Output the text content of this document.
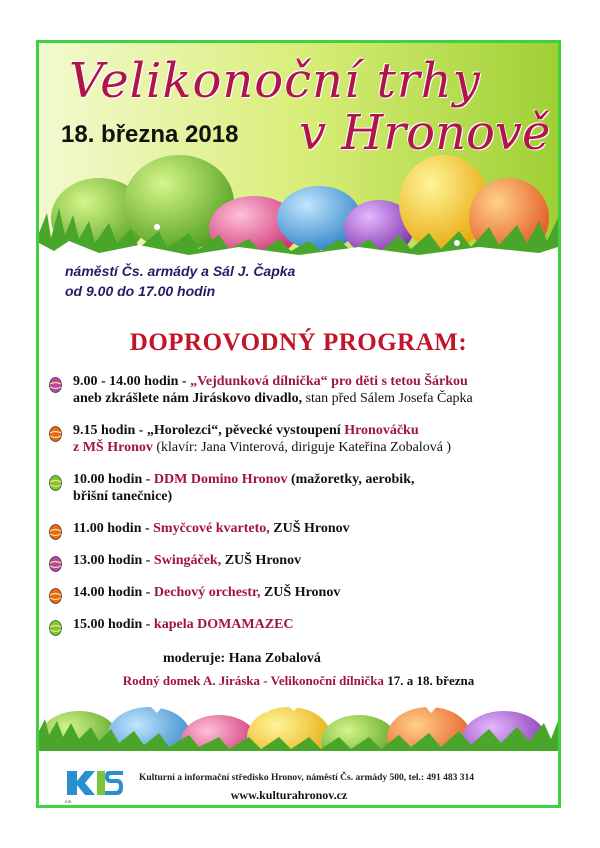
Velikonoční trhy
18. března 2018 v Hronově
náměstí Čs. armády a Sál J. Čapka
od 9.00 do 17.00 hodin
DOPROVODNÝ PROGRAM:
9.00 - 14.00 hodin - „Vejdunková dílnička“ pro děti s tetou Šárkou
aneb zkrášlete nám Jiráskovo divadlo, stan před Sálem Josefa Čapka
9.15 hodin - „Horolezci“, pěvecké vystoupení Hronováčku
z MŠ Hronov (klavír: Jana Vinterová, diriguje Kateřina Zobalová )
10.00 hodin - DDM Domino Hronov (mažoretky, aerobik,
břišní tanečnice)
11.00 hodin - Smyčcové kvarteto, ZUŠ Hronov
13.00 hodin - Swingáček, ZUŠ Hronov
14.00 hodin - Dechový orchestr, ZUŠ Hronov
15.00 hodin - kapela DOMAMAZEC
moderuje: Hana Zobalová
Rodný domek A. Jiráska - Velikonoční dílnička 17. a 18. března
KIS
Kulturní a informační středisko Hronov, náměstí Čs. armády 500, tel.: 491 483 314
www.kulturahronov.cz
